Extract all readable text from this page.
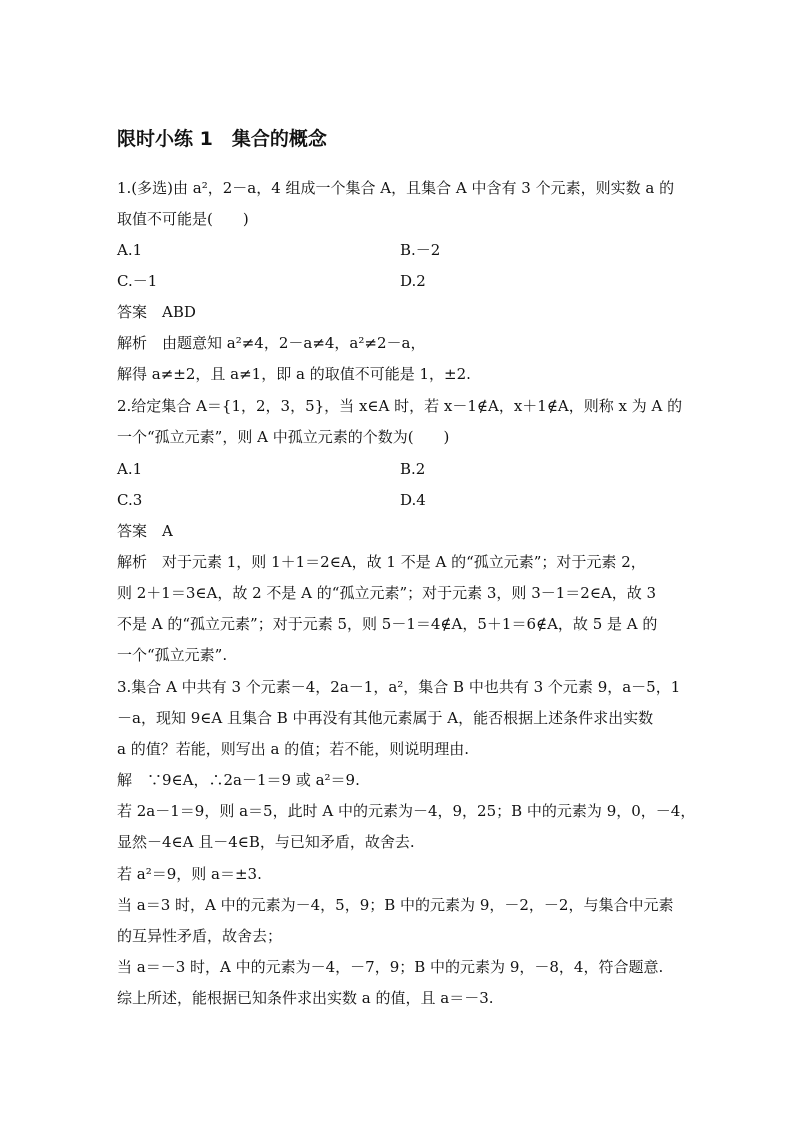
限时小练 1　集合的概念
1.(多选)由 a²，2－a，4 组成一个集合 A，且集合 A 中含有 3 个元素，则实数 a 的
取值不可能是(　　)
A.1	B.－2
C.－1	D.2
答案　ABD
解析　由题意知 a²≠4，2－a≠4，a²≠2－a，
解得 a≠±2，且 a≠1，即 a 的取值不可能是 1，±2.
2.给定集合 A＝{1，2，3，5}，当 x∈A 时，若 x－1∉A，x＋1∉A，则称 x 为 A 的
一个“孤立元素”，则 A 中孤立元素的个数为(　　)
A.1	B.2
C.3	D.4
答案　A
解析　对于元素 1，则 1＋1＝2∈A，故 1 不是 A 的“孤立元素”；对于元素 2，
则 2＋1＝3∈A，故 2 不是 A 的“孤立元素”；对于元素 3，则 3－1＝2∈A，故 3
不是 A 的“孤立元素”；对于元素 5，则 5－1＝4∉A，5＋1＝6∉A，故 5 是 A 的
一个“孤立元素”.
3.集合 A 中共有 3 个元素－4，2a－1，a²，集合 B 中也共有 3 个元素 9，a－5，1
－a，现知 9∈A 且集合 B 中再没有其他元素属于 A，能否根据上述条件求出实数
a 的值？若能，则写出 a 的值；若不能，则说明理由.
解　∵9∈A，∴2a－1＝9 或 a²＝9.
若 2a－1＝9，则 a＝5，此时 A 中的元素为－4，9，25；B 中的元素为 9，0，－4，
显然－4∈A 且－4∈B，与已知矛盾，故舍去.
若 a²＝9，则 a＝±3.
当 a＝3 时，A 中的元素为－4，5，9；B 中的元素为 9，－2，－2，与集合中元素
的互异性矛盾，故舍去；
当 a＝－3 时，A 中的元素为－4，－7，9；B 中的元素为 9，－8，4，符合题意.
综上所述，能根据已知条件求出实数 a 的值，且 a＝－3.
